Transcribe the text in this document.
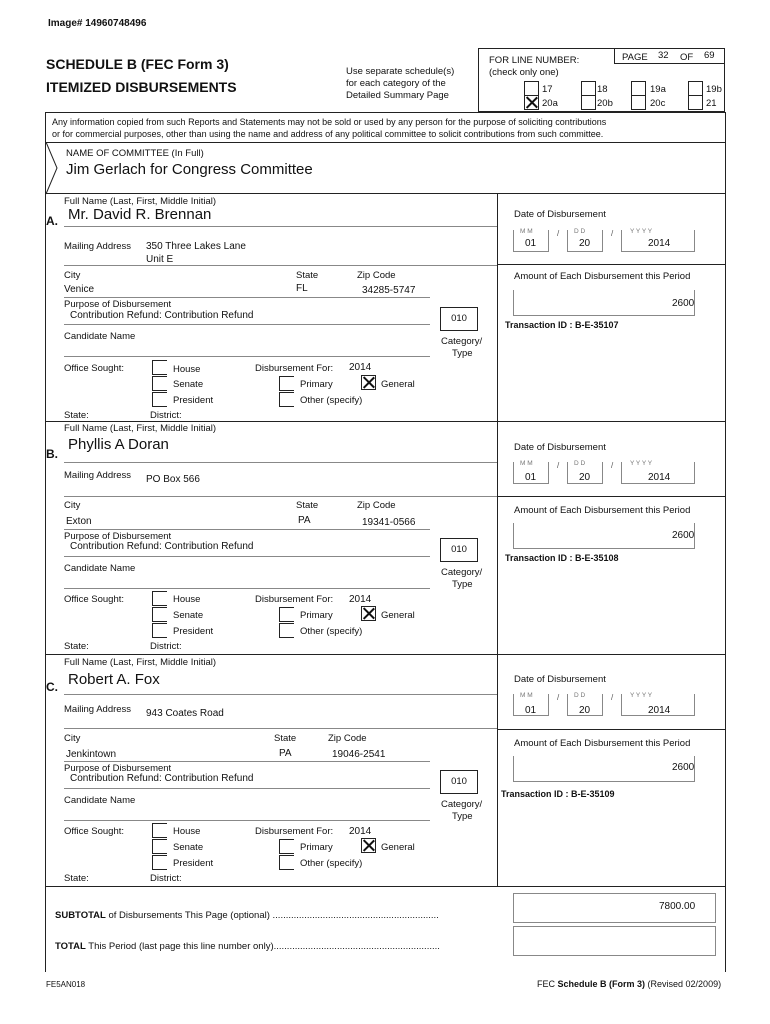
Image# 14960748496
SCHEDULE B (FEC Form 3)
ITEMIZED DISBURSEMENTS
Use separate schedule(s)
for each category of the
Detailed Summary Page
FOR LINE NUMBER:
(check only one)
PAGE 32 OF 69
17	18	19a	19b
20a	20b	20c	21
Any information copied from such Reports and Statements may not be sold or used by any person for the purpose of soliciting contributions
or for commercial purposes, other than using the name and address of any political committee to solicit contributions from such committee.
NAME OF COMMITTEE (In Full)
Jim Gerlach for Congress Committee
Full Name (Last, First, Middle Initial)
A. Mr. David R. Brennan
Mailing Address 350 Three Lakes Lane
Unit E
City	State	Zip Code
Venice	FL	34285-5747
Purpose of Disbursement
Contribution Refund: Contribution Refund	010
Candidate Name	Category/
Type
Office Sought:	House
Senate
President
Disbursement For: 2014
Primary	General
Other (specify)
State:	District:
Date of Disbursement
M M
01
/ D D
20
/	Y Y Y Y
2014
Amount of Each Disbursement this Period
2600
Transaction ID : B-E-35107
Full Name (Last, First, Middle Initial)
B.
Phyllis A Doran
Mailing Address PO Box 566
City	State	Zip Code
Exton	PA	19341-0566
Purpose of Disbursement
Contribution Refund: Contribution Refund	010
Candidate Name	Category/
Type
Office Sought:	House
Senate
President
Disbursement For: 2014
Primary	General
Other (specify)
State:	District:
Date of Disbursement
M M
01
/ D D
20
/	Y Y Y Y
2014
Amount of Each Disbursement this Period
2600
Transaction ID : B-E-35108
Full Name (Last, First, Middle Initial)
C. Robert A. Fox
Mailing Address 943 Coates Road
City	State	Zip Code
Jenkintown	PA	19046-2541
Purpose of Disbursement
Contribution Refund: Contribution Refund	010
Candidate Name	Category/
Type
Office Sought:	House
Senate
President
Disbursement For: 2014
Primary	General
Other (specify)
State:	District:
Date of Disbursement
M M
01
/ D D
20
/	Y Y Y Y
2014
Amount of Each Disbursement this Period
2600
Transaction ID : B-E-35109
SUBTOTAL of Disbursements This Page (optional) ...............................................................
7800.00
TOTAL This Period (last page this line number only)...............................................................
FE5AN018	FEC Schedule B (Form 3) (Revised 02/2009)
